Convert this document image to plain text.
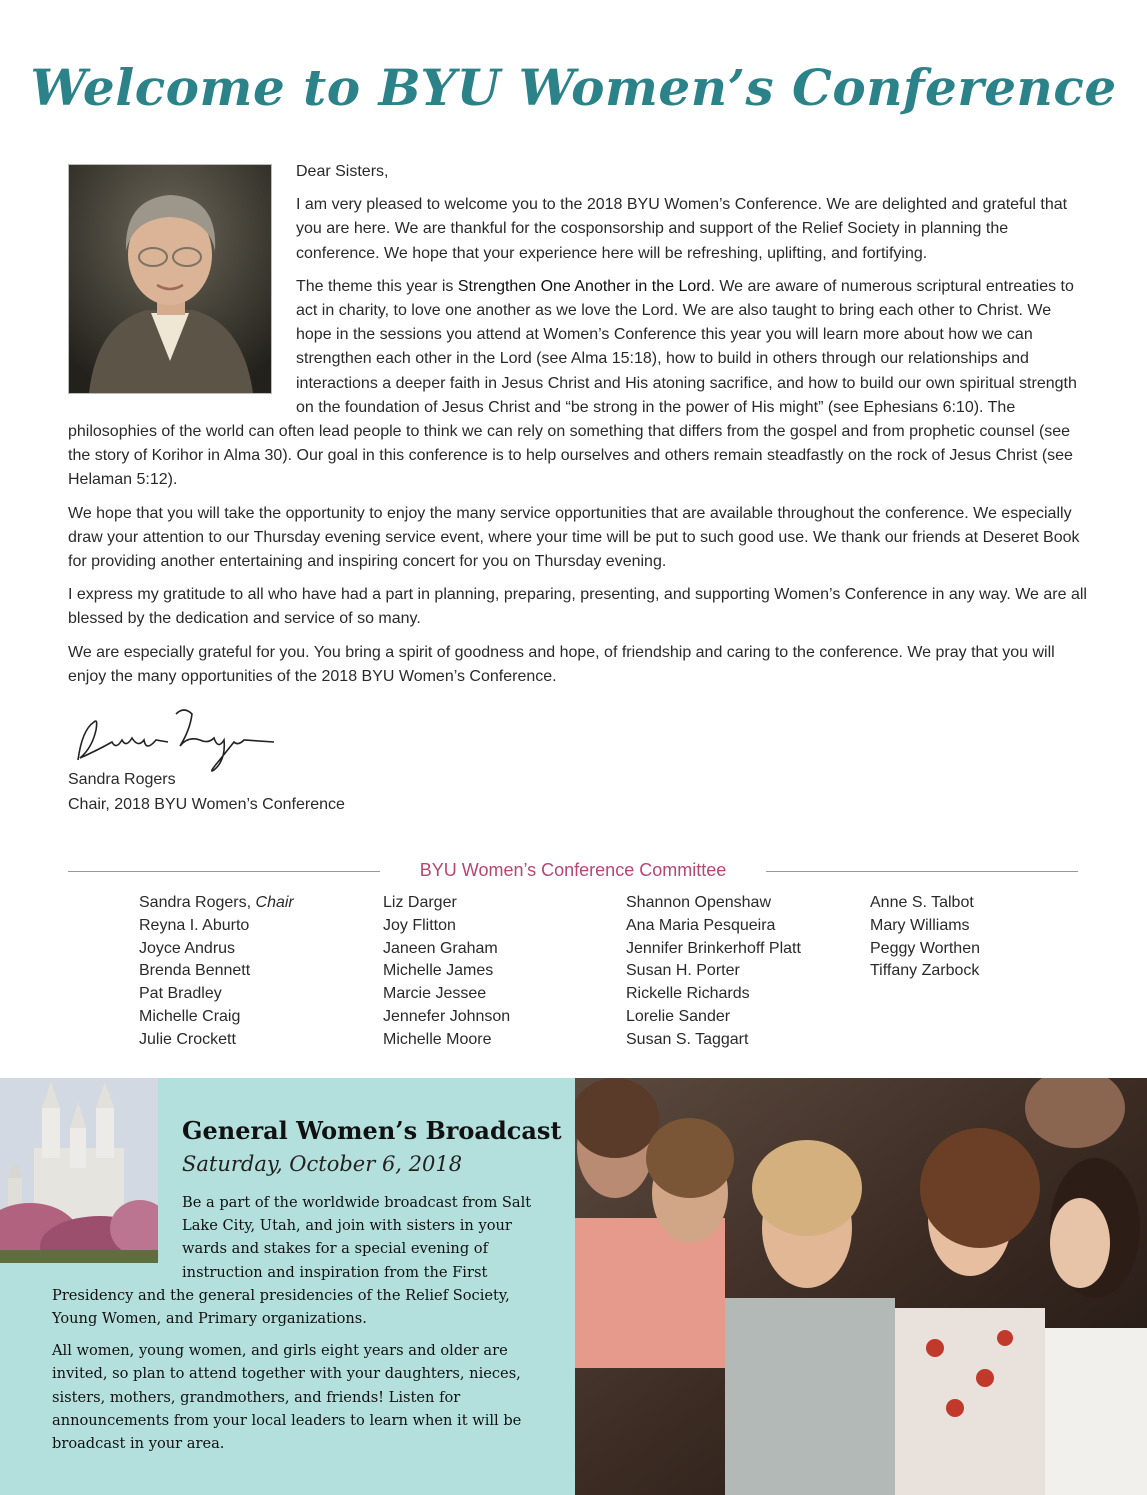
Welcome to BYU Women’s Conference

Dear Sisters,

I am very pleased to welcome you to the 2018 BYU Women’s Conference. We are delighted and grateful that you are here. We are thankful for the cosponsorship and support of the Relief Society in planning the conference. We hope that your experience here will be refreshing, uplifting, and fortifying.

The theme this year is Strengthen One Another in the Lord. We are aware of numerous scriptural entreaties to act in charity, to love one another as we love the Lord. We are also taught to bring each other to Christ. We hope in the sessions you attend at Women’s Conference this year you will learn more about how we can strengthen each other in the Lord (see Alma 15:18), how to build in others through our relationships and interactions a deeper faith in Jesus Christ and His atoning sacrifice, and how to build our own spiritual strength on the foundation of Jesus Christ and “be strong in the power of His might” (see Ephesians 6:10). The philosophies of the world can often lead people to think we can rely on something that differs from the gospel and from prophetic counsel (see the story of Korihor in Alma 30). Our goal in this conference is to help ourselves and others remain steadfastly on the rock of Jesus Christ (see Helaman 5:12).

We hope that you will take the opportunity to enjoy the many service opportunities that are available throughout the conference. We especially draw your attention to our Thursday evening service event, where your time will be put to such good use. We thank our friends at Deseret Book for providing another entertaining and inspiring concert for you on Thursday evening.

I express my gratitude to all who have had a part in planning, preparing, presenting, and supporting Women’s Conference in any way. We are all blessed by the dedication and service of so many.

We are especially grateful for you. You bring a spirit of goodness and hope, of friendship and caring to the conference. We pray that you will enjoy the many opportunities of the 2018 BYU Women’s Conference.

Sandra Rogers
Chair, 2018 BYU Women’s Conference
BYU Women’s Conference Committee
Sandra Rogers, Chair
Reyna I. Aburto
Joyce Andrus
Brenda Bennett
Pat Bradley
Michelle Craig
Julie Crockett
Liz Darger
Joy Flitton
Janeen Graham
Michelle James
Marcie Jessee
Jennefer Johnson
Michelle Moore
Shannon Openshaw
Ana Maria Pesqueira
Jennifer Brinkerhoff Platt
Susan H. Porter
Rickelle Richards
Lorelie Sander
Susan S. Taggart
Anne S. Talbot
Mary Williams
Peggy Worthen
Tiffany Zarbock
General Women’s Broadcast
Saturday, October 6, 2018

Be a part of the worldwide broadcast from Salt Lake City, Utah, and join with sisters in your wards and stakes for a special evening of instruction and inspiration from the First Presidency and the general presidencies of the Relief Society, Young Women, and Primary organizations.

All women, young women, and girls eight years and older are invited, so plan to attend together with your daughters, nieces, sisters, mothers, grandmothers, and friends! Listen for announcements from your local leaders to learn when it will be broadcast in your area.
